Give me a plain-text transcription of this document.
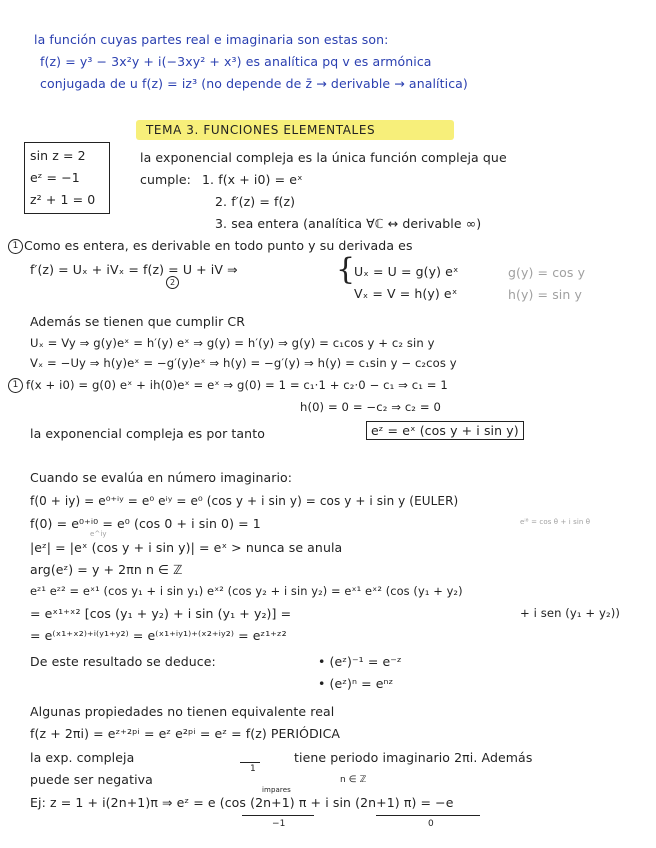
la función cuyas partes real e imaginaria son estas son:
f(z) = y³ − 3x²y + i(−3xy² + x³) es analítica pq v es armónica
conjugada de u f(z) = iz³ (no depende de z̄ → derivable → analítica)
TEMA 3. FUNCIONES ELEMENTALES
sin z = 2
eᶻ = −1
z² + 1 = 0
la exponencial compleja es la única función compleja que
cumple: 1. f(x + i0) = eˣ
2. f′(z) = f(z)
3. sea entera (analítica ∀ℂ ↔ derivable ∞)
1 Como es entera, es derivable en todo punto y su derivada es
f′(z) = Uₓ + iVₓ = f(z) = U + iV ⇒
2	{
Uₓ = U = g(y) eˣ
Vₓ = V = h(y) eˣ
g(y) = cos y
h(y) = sin y
Además se tienen que cumplir CR
Uₓ = Vy ⇒ g(y)eˣ = h′(y) eˣ ⇒ g(y) = h′(y) ⇒ g(y) = c₁cos y + c₂ sin y
Vₓ = −Uy ⇒ h(y)eˣ = −g′(y)eˣ ⇒ h(y) = −g′(y) ⇒ h(y) = c₁sin y − c₂cos y
1 f(x + i0) = g(0) eˣ + ih(0)eˣ = eˣ ⇒ g(0) = 1 = c₁·1 + c₂·0 − c₁ ⇒ c₁ = 1
h(0) = 0 = −c₂ ⇒ c₂ = 0
la exponencial compleja es por tanto	eᶻ = eˣ (cos y + i sin y)
Cuando se evalúa en número imaginario:
f(0 + iy) = e⁰⁺ⁱʸ = e⁰ eⁱʸ = e⁰ (cos y + i sin y) = cos y + i sin y (EULER)
f(0) = e⁰⁺ⁱ⁰ = e⁰ (cos 0 + i sin 0) = 1	eⁱᶿ = cos θ + i sin θ
e^iy
|eᶻ| = |eˣ (cos y + i sin y)| = eˣ > nunca se anula
arg(eᶻ) = y + 2πn n ∈ ℤ
eᶻ¹ eᶻ² = eˣ¹ (cos y₁ + i sin y₁) eˣ² (cos y₂ + i sin y₂) = eˣ¹ eˣ² (cos (y₁ + y₂)
= eˣ¹⁺ˣ² [cos (y₁ + y₂) + i sin (y₁ + y₂)] =	+ i sen (y₁ + y₂))
= e⁽ˣ¹⁺ˣ²⁾⁺ⁱ⁽ʸ¹⁺ʸ²⁾ = e⁽ˣ¹⁺ⁱʸ¹⁾⁺⁽ˣ²⁺ⁱʸ²⁾ = eᶻ¹⁺ᶻ²
De este resultado se deduce:	• (eᶻ)⁻¹ = e⁻ᶻ
• (eᶻ)ⁿ = eⁿᶻ
Algunas propiedades no tienen equivalente real
f(z + 2πi) = eᶻ⁺²ᵖⁱ = eᶻ e²ᵖⁱ = eᶻ = f(z) PERIÓDICA
1
la exp. compleja	tiene periodo imaginario 2πi. Además
puede ser negativa	n ∈ ℤ
impares
Ej: z = 1 + i(2n+1)π ⇒ eᶻ = e (cos (2n+1) π + i sin (2n+1) π) = −e
−1	0
